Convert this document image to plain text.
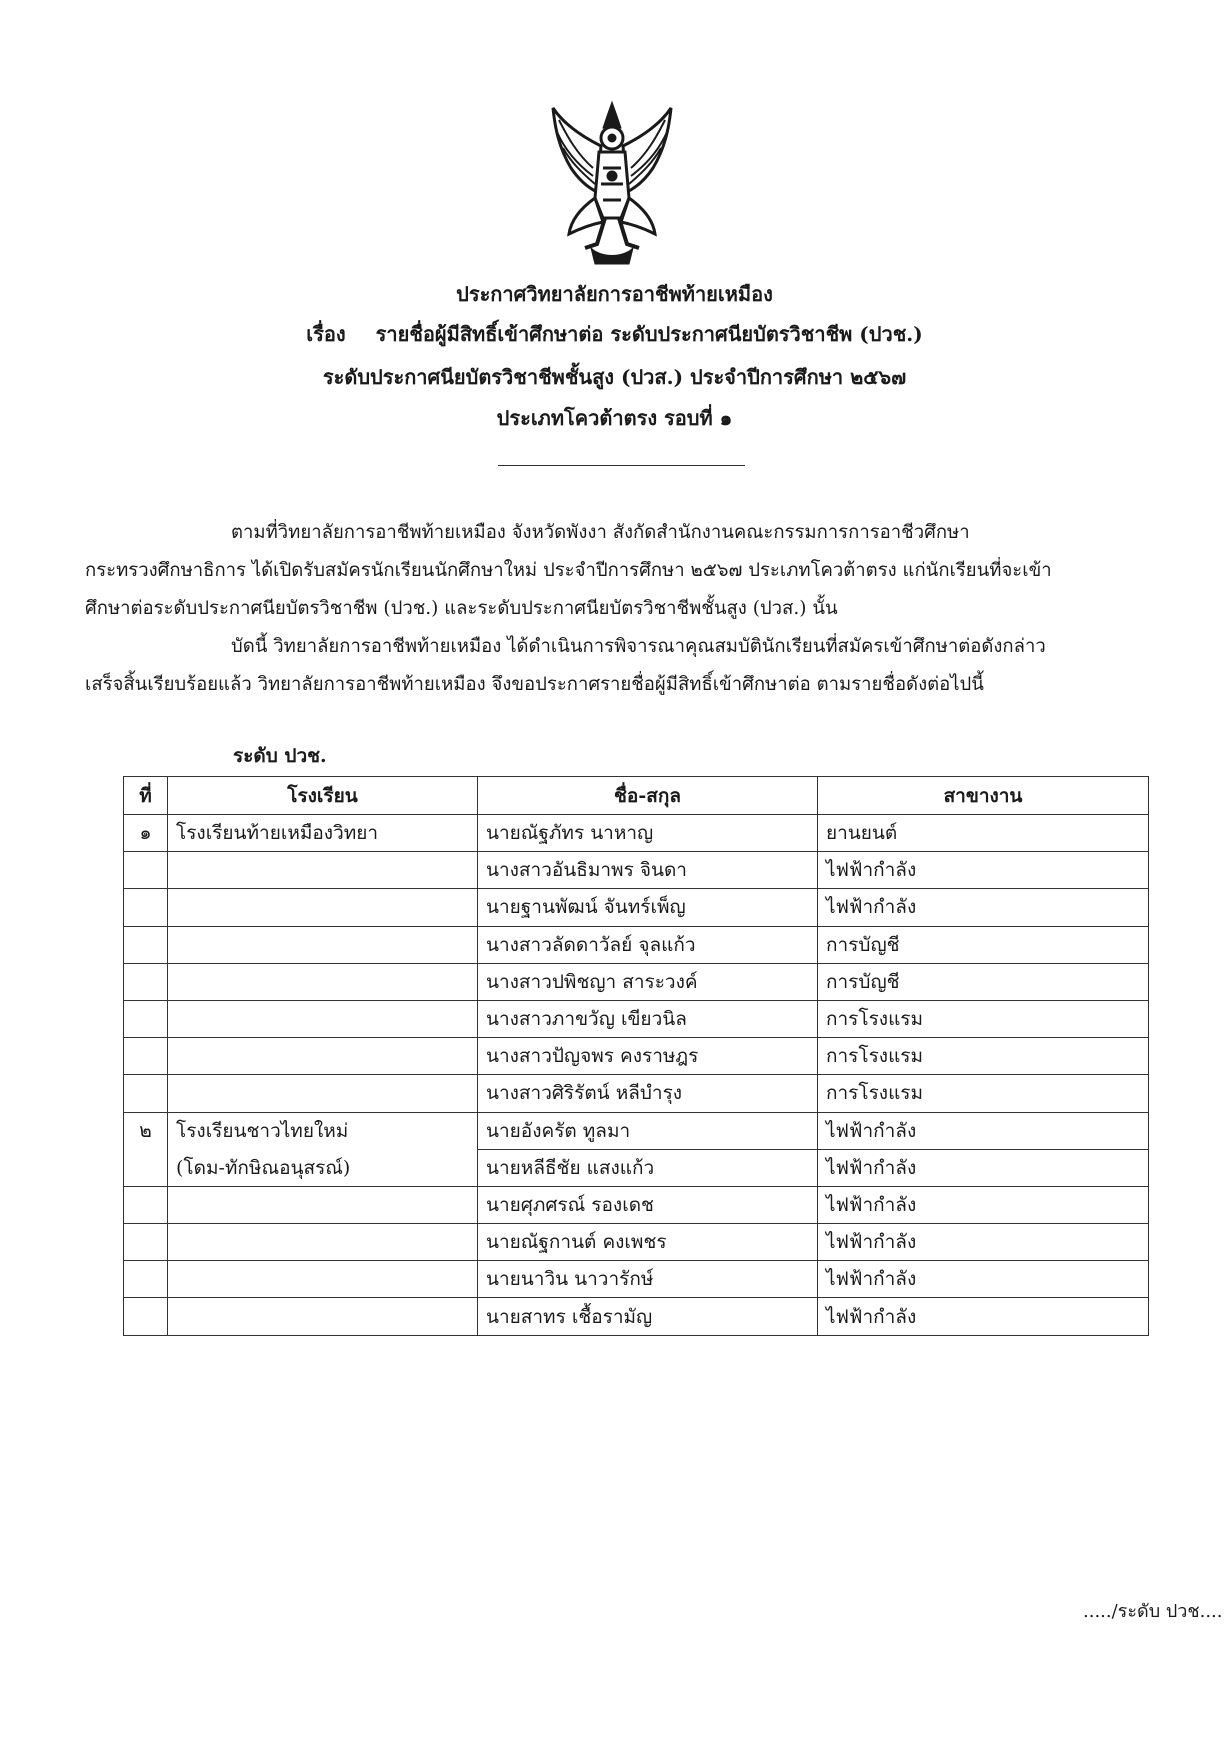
ประกาศวิทยาลัยการอาชีพท้ายเหมือง
เรื่อง รายชื่อผู้มีสิทธิ์เข้าศึกษาต่อ ระดับประกาศนียบัตรวิชาชีพ (ปวช.)
ระดับประกาศนียบัตรวิชาชีพชั้นสูง (ปวส.) ประจำปีการศึกษา ๒๕๖๗
ประเภทโควต้าตรง รอบที่ ๑
ตามที่วิทยาลัยการอาชีพท้ายเหมือง จังหวัดพังงา สังกัดสำนักงานคณะกรรมการการอาชีวศึกษา
กระทรวงศึกษาธิการ ได้เปิดรับสมัครนักเรียนนักศึกษาใหม่ ประจำปีการศึกษา ๒๕๖๗ ประเภทโควต้าตรง แก่นักเรียนที่จะเข้า
ศึกษาต่อระดับประกาศนียบัตรวิชาชีพ (ปวช.) และระดับประกาศนียบัตรวิชาชีพชั้นสูง (ปวส.) นั้น
บัดนี้ วิทยาลัยการอาชีพท้ายเหมือง ได้ดำเนินการพิจารณาคุณสมบัตินักเรียนที่สมัครเข้าศึกษาต่อดังกล่าว
เสร็จสิ้นเรียบร้อยแล้ว วิทยาลัยการอาชีพท้ายเหมือง จึงขอประกาศรายชื่อผู้มีสิทธิ์เข้าศึกษาต่อ ตามรายชื่อดังต่อไปนี้
ระดับ ปวช.
ที่	โรงเรียน	ชื่อ-สกุล	สาขางาน
๑	โรงเรียนท้ายเหมืองวิทยา	นายณัฐภัทร นาหาญ	ยานยนต์
		นางสาวอันธิมาพร จินดา	ไฟฟ้ากำลัง
		นายฐานพัฒน์ จันทร์เพ็ญ	ไฟฟ้ากำลัง
		นางสาวลัดดาวัลย์ จุลแก้ว	การบัญชี
		นางสาวปพิชญา สาระวงค์	การบัญชี
		นางสาวภาขวัญ เขียวนิล	การโรงแรม
		นางสาวปัญจพร คงราษฎร	การโรงแรม
		นางสาวศิริรัตน์ หลีบำรุง	การโรงแรม
๒	โรงเรียนชาวไทยใหม่	นายอังครัต ทูลมา	ไฟฟ้ากำลัง
	(โดม-ทักษิณอนุสรณ์)	นายหลีธีชัย แสงแก้ว	ไฟฟ้ากำลัง
		นายศุภศรณ์ รองเดช	ไฟฟ้ากำลัง
		นายณัฐกานต์ คงเพชร	ไฟฟ้ากำลัง
		นายนาวิน นาวารักษ์	ไฟฟ้ากำลัง
		นายสาทร เชื้อรามัญ	ไฟฟ้ากำลัง
...../ระดับ ปวช....
